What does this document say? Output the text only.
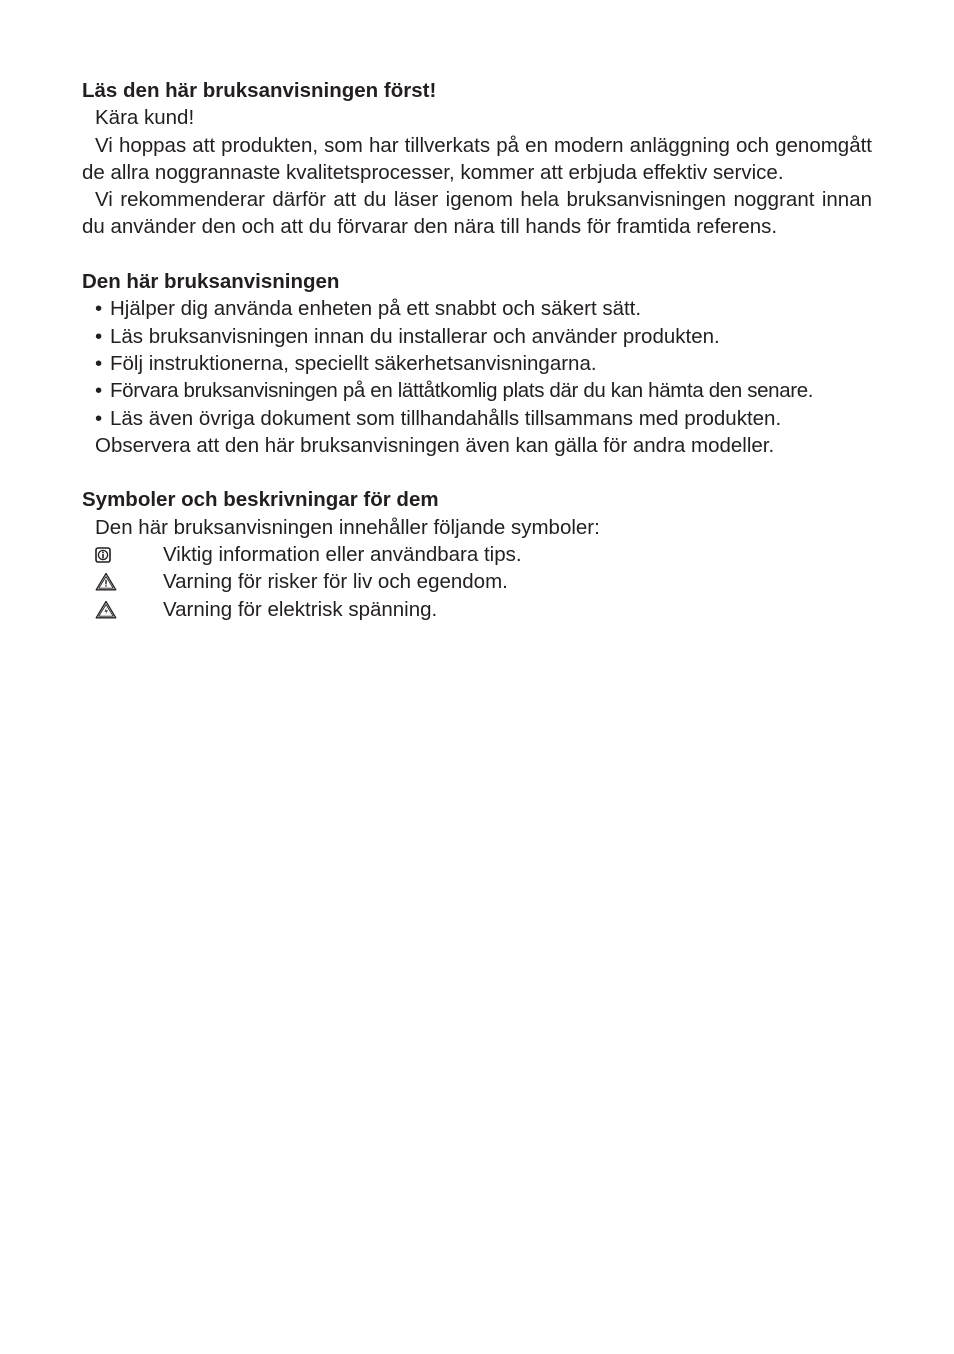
Läs den här bruksanvisningen först!

Kära kund!

Vi hoppas att produkten, som har tillverkats på en modern anläggning och genomgått de allra noggrannaste kvalitetsprocesser, kommer att erbjuda effektiv service.

Vi rekommenderar därför att du läser igenom hela bruksanvisningen noggrant innan du använder den och att du förvarar den nära till hands för framtida referens.

Den här bruksanvisningen

• Hjälper dig använda enheten på ett snabbt och säkert sätt.
• Läs bruksanvisningen innan du installerar och använder produkten.
• Följ instruktionerna, speciellt säkerhetsanvisningarna.
• Förvara bruksanvisningen på en lättåtkomlig plats där du kan hämta den senare.
• Läs även övriga dokument som tillhandahålls tillsammans med produkten.

Observera att den här bruksanvisningen även kan gälla för andra modeller.

Symboler och beskrivningar för dem

Den här bruksanvisningen innehåller följande symboler:

Viktig information eller användbara tips.
Varning för risker för liv och egendom.
Varning för elektrisk spänning.
